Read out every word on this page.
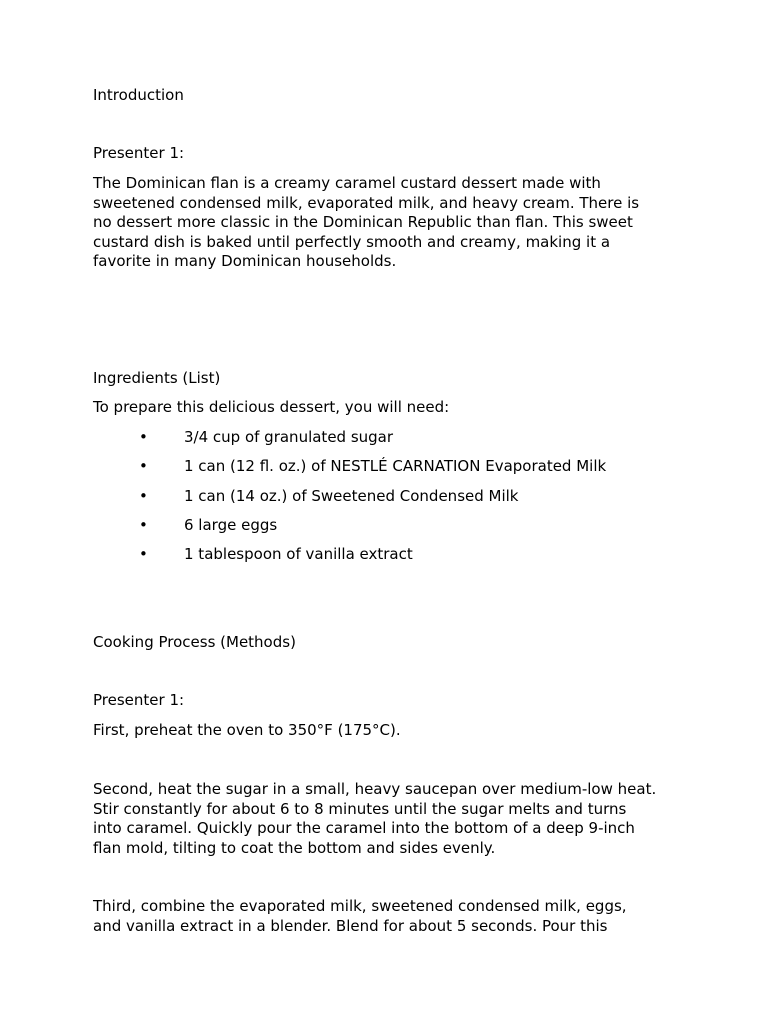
Introduction

Presenter 1:

The Dominican flan is a creamy caramel custard dessert made with
sweetened condensed milk, evaporated milk, and heavy cream. There is
no dessert more classic in the Dominican Republic than flan. This sweet
custard dish is baked until perfectly smooth and creamy, making it a
favorite in many Dominican households.

Ingredients (List)

To prepare this delicious dessert, you will need:

• 3/4 cup of granulated sugar
• 1 can (12 fl. oz.) of NESTLÉ CARNATION Evaporated Milk
• 1 can (14 oz.) of Sweetened Condensed Milk
• 6 large eggs
• 1 tablespoon of vanilla extract

Cooking Process (Methods)

Presenter 1:

First, preheat the oven to 350°F (175°C).

Second, heat the sugar in a small, heavy saucepan over medium-low heat.
Stir constantly for about 6 to 8 minutes until the sugar melts and turns
into caramel. Quickly pour the caramel into the bottom of a deep 9-inch
flan mold, tilting to coat the bottom and sides evenly.
Third, combine the evaporated milk, sweetened condensed milk, eggs,
and vanilla extract in a blender. Blend for about 5 seconds. Pour this
